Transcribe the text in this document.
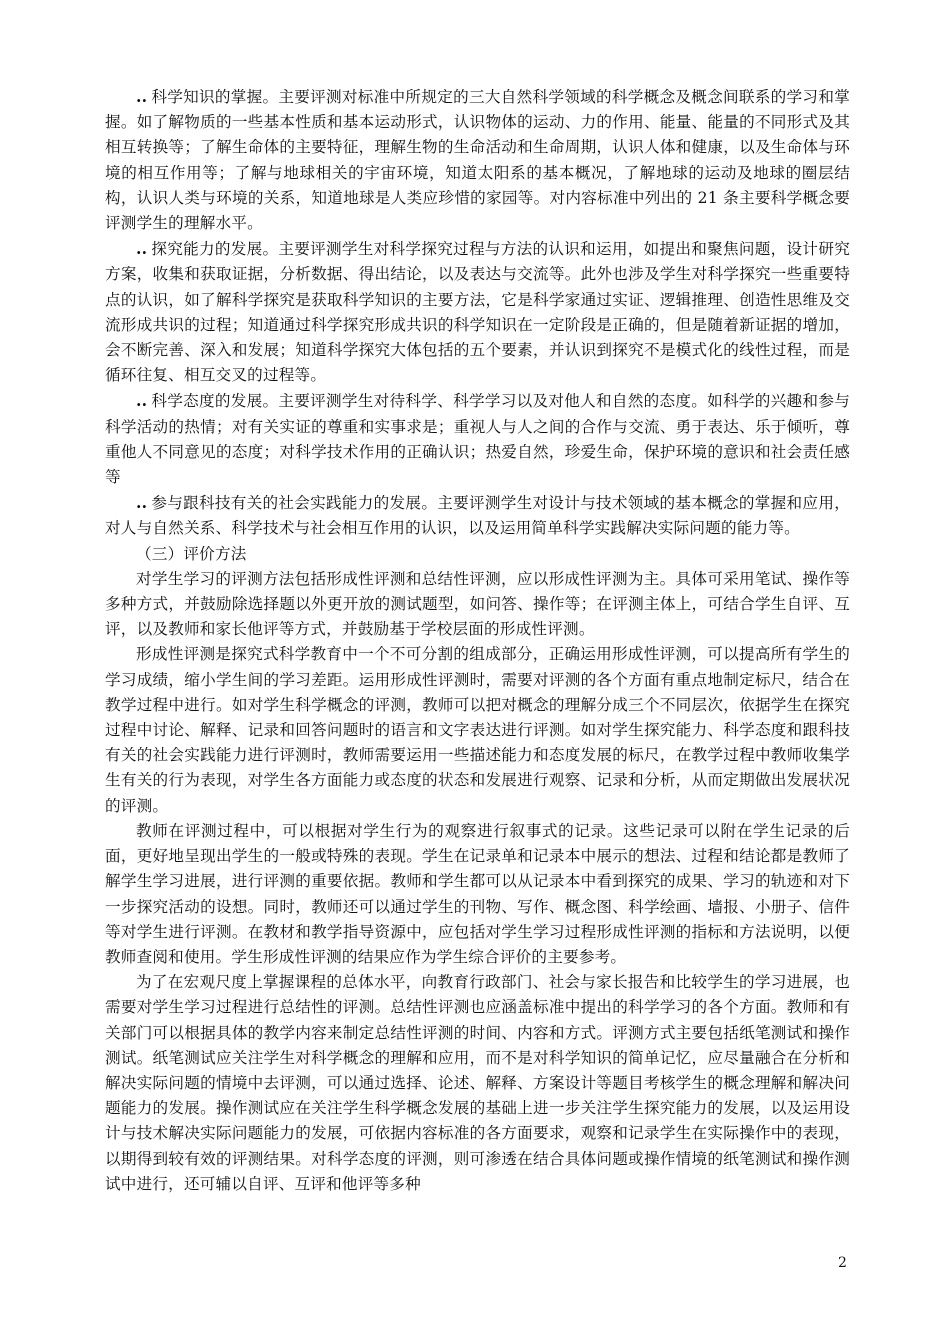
.. 科学知识的掌握。主要评测对标准中所规定的三大自然科学领域的科学概念及概念间联系的学习和掌握。如了解物质的一些基本性质和基本运动形式，认识物体的运动、力的作用、能量、能量的不同形式及其相互转换等；了解生命体的主要特征，理解生物的生命活动和生命周期，认识人体和健康，以及生命体与环境的相互作用等；了解与地球相关的宇宙环境，知道太阳系的基本概况，了解地球的运动及地球的圈层结构，认识人类与环境的关系，知道地球是人类应珍惜的家园等。对内容标准中列出的 21 条主要科学概念要评测学生的理解水平。

.. 探究能力的发展。主要评测学生对科学探究过程与方法的认识和运用，如提出和聚焦问题，设计研究方案，收集和获取证据，分析数据、得出结论，以及表达与交流等。此外也涉及学生对科学探究一些重要特点的认识，如了解科学探究是获取科学知识的主要方法，它是科学家通过实证、逻辑推理、创造性思维及交流形成共识的过程；知道通过科学探究形成共识的科学知识在一定阶段是正确的，但是随着新证据的增加，会不断完善、深入和发展；知道科学探究大体包括的五个要素，并认识到探究不是模式化的线性过程，而是循环往复、相互交叉的过程等。

.. 科学态度的发展。主要评测学生对待科学、科学学习以及对他人和自然的态度。如科学的兴趣和参与科学活动的热情；对有关实证的尊重和实事求是；重视人与人之间的合作与交流、勇于表达、乐于倾听，尊重他人不同意见的态度；对科学技术作用的正确认识；热爱自然，珍爱生命，保护环境的意识和社会责任感等

.. 参与跟科技有关的社会实践能力的发展。主要评测学生对设计与技术领域的基本概念的掌握和应用，对人与自然关系、科学技术与社会相互作用的认识，以及运用简单科学实践解决实际问题的能力等。

（三）评价方法

对学生学习的评测方法包括形成性评测和总结性评测，应以形成性评测为主。具体可采用笔试、操作等多种方式，并鼓励除选择题以外更开放的测试题型，如问答、操作等；在评测主体上，可结合学生自评、互评，以及教师和家长他评等方式，并鼓励基于学校层面的形成性评测。

形成性评测是探究式科学教育中一个不可分割的组成部分，正确运用形成性评测，可以提高所有学生的学习成绩，缩小学生间的学习差距。运用形成性评测时，需要对评测的各个方面有重点地制定标尺，结合在教学过程中进行。如对学生科学概念的评测，教师可以把对概念的理解分成三个不同层次，依据学生在探究过程中讨论、解释、记录和回答问题时的语言和文字表达进行评测。如对学生探究能力、科学态度和跟科技有关的社会实践能力进行评测时，教师需要运用一些描述能力和态度发展的标尺，在教学过程中教师收集学生有关的行为表现，对学生各方面能力或态度的状态和发展进行观察、记录和分析，从而定期做出发展状况的评测。

教师在评测过程中，可以根据对学生行为的观察进行叙事式的记录。这些记录可以附在学生记录的后面，更好地呈现出学生的一般或特殊的表现。学生在记录单和记录本中展示的想法、过程和结论都是教师了解学生学习进展，进行评测的重要依据。教师和学生都可以从记录本中看到探究的成果、学习的轨迹和对下一步探究活动的设想。同时，教师还可以通过学生的刊物、写作、概念图、科学绘画、墙报、小册子、信件等对学生进行评测。在教材和教学指导资源中，应包括对学生学习过程形成性评测的指标和方法说明，以便教师查阅和使用。学生形成性评测的结果应作为学生综合评价的主要参考。

为了在宏观尺度上掌握课程的总体水平，向教育行政部门、社会与家长报告和比较学生的学习进展，也需要对学生学习过程进行总结性的评测。总结性评测也应涵盖标准中提出的科学学习的各个方面。教师和有关部门可以根据具体的教学内容来制定总结性评测的时间、内容和方式。评测方式主要包括纸笔测试和操作测试。纸笔测试应关注学生对科学概念的理解和应用，而不是对科学知识的简单记忆，应尽量融合在分析和解决实际问题的情境中去评测，可以通过选择、论述、解释、方案设计等题目考核学生的概念理解和解决问题能力的发展。操作测试应在关注学生科学概念发展的基础上进一步关注学生探究能力的发展，以及运用设计与技术解决实际问题能力的发展，可依据内容标准的各方面要求，观察和记录学生在实际操作中的表现，以期得到较有效的评测结果。对科学态度的评测，则可渗透在结合具体问题或操作情境的纸笔测试和操作测试中进行，还可辅以自评、互评和他评等多种

2
